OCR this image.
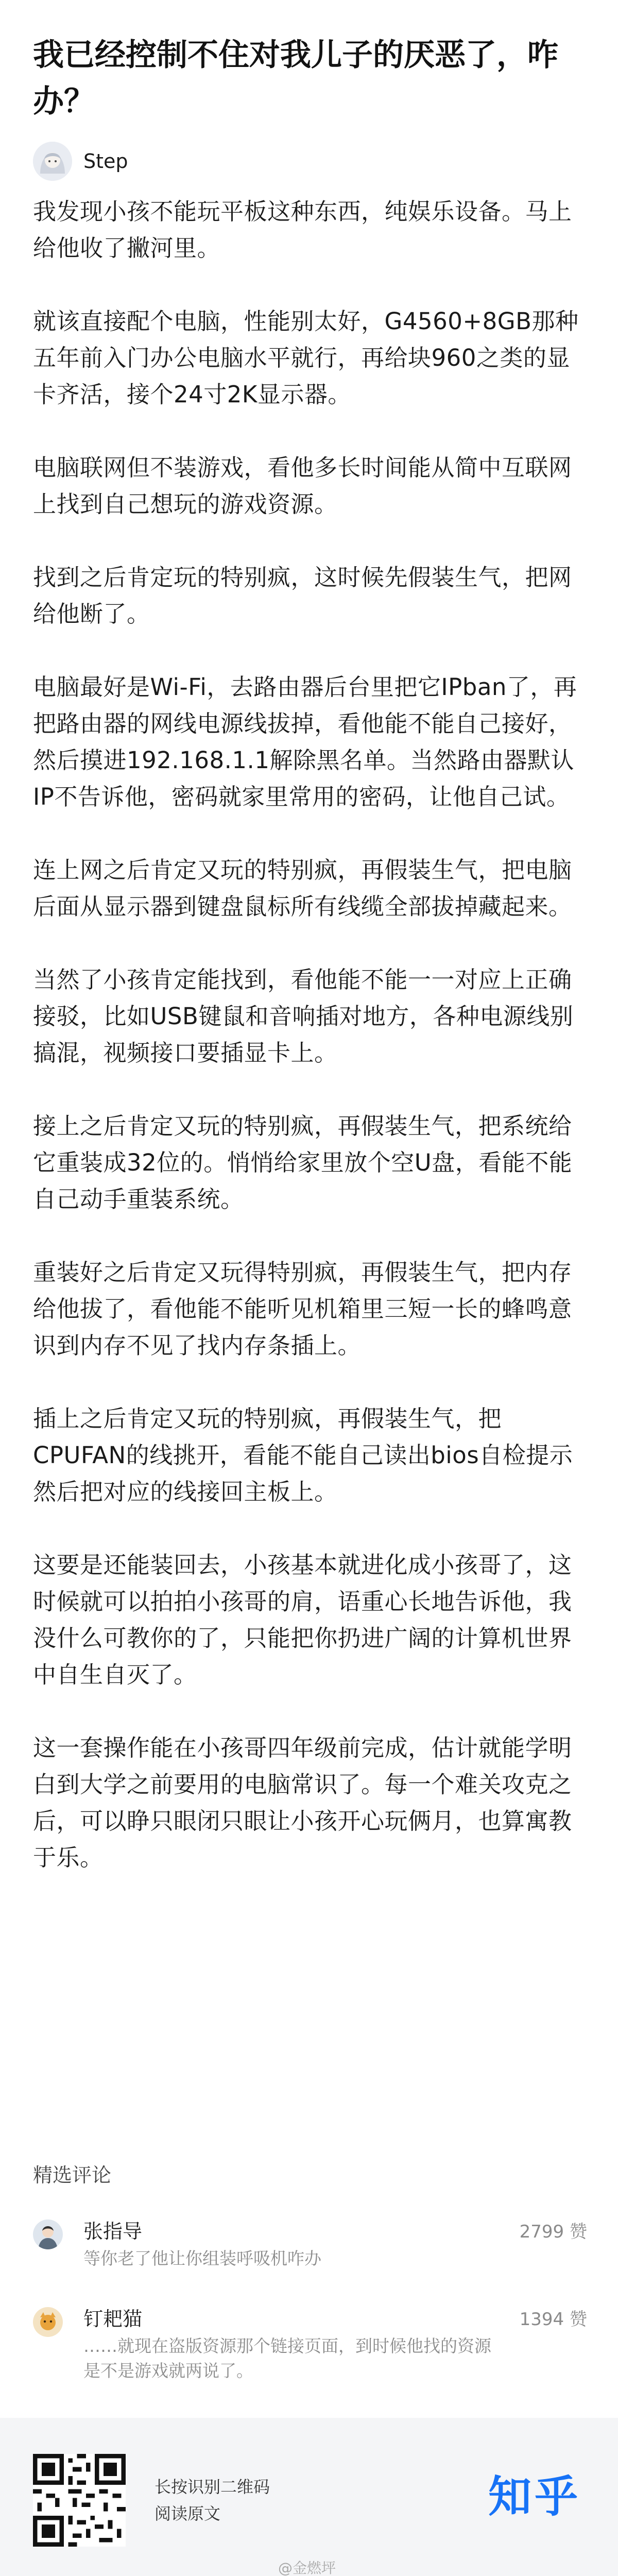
我已经控制不住对我儿子的厌恶了，咋办？
Step

我发现小孩不能玩平板这种东西，纯娱乐设备。马上给他收了撇河里。

就该直接配个电脑，性能别太好，G4560+8GB那种五年前入门办公电脑水平就行，再给块960之类的显卡齐活，接个24寸2K显示器。

电脑联网但不装游戏，看他多长时间能从简中互联网上找到自己想玩的游戏资源。

找到之后肯定玩的特别疯，这时候先假装生气，把网给他断了。

电脑最好是Wi-Fi，去路由器后台里把它IPban了，再把路由器的网线电源线拔掉，看他能不能自己接好，然后摸进192.168.1.1解除黑名单。当然路由器默认IP不告诉他，密码就家里常用的密码，让他自己试。

连上网之后肯定又玩的特别疯，再假装生气，把电脑后面从显示器到键盘鼠标所有线缆全部拔掉藏起来。

当然了小孩肯定能找到，看他能不能一一对应上正确接驳，比如USB键鼠和音响插对地方，各种电源线别搞混，视频接口要插显卡上。

接上之后肯定又玩的特别疯，再假装生气，把系统给它重装成32位的。悄悄给家里放个空U盘，看能不能自己动手重装系统。

重装好之后肯定又玩得特别疯，再假装生气，把内存给他拔了，看他能不能听见机箱里三短一长的蜂鸣意识到内存不见了找内存条插上。

插上之后肯定又玩的特别疯，再假装生气，把CPUFAN的线挑开，看能不能自己读出bios自检提示然后把对应的线接回主板上。

这要是还能装回去，小孩基本就进化成小孩哥了，这时候就可以拍拍小孩哥的肩，语重心长地告诉他，我没什么可教你的了，只能把你扔进广阔的计算机世界中自生自灭了。

这一套操作能在小孩哥四年级前完成，估计就能学明白到大学之前要用的电脑常识了。每一个难关攻克之后，可以睁只眼闭只眼让小孩开心玩俩月，也算寓教于乐。

精选评论
张指导	2799 赞
等你老了他让你组装呼吸机咋办
钉耙猫	1394 赞
……就现在盗版资源那个链接页面，到时候他找的资源是不是游戏就两说了。
长按识别二维码
阅读原文	知乎
@金燃坪
